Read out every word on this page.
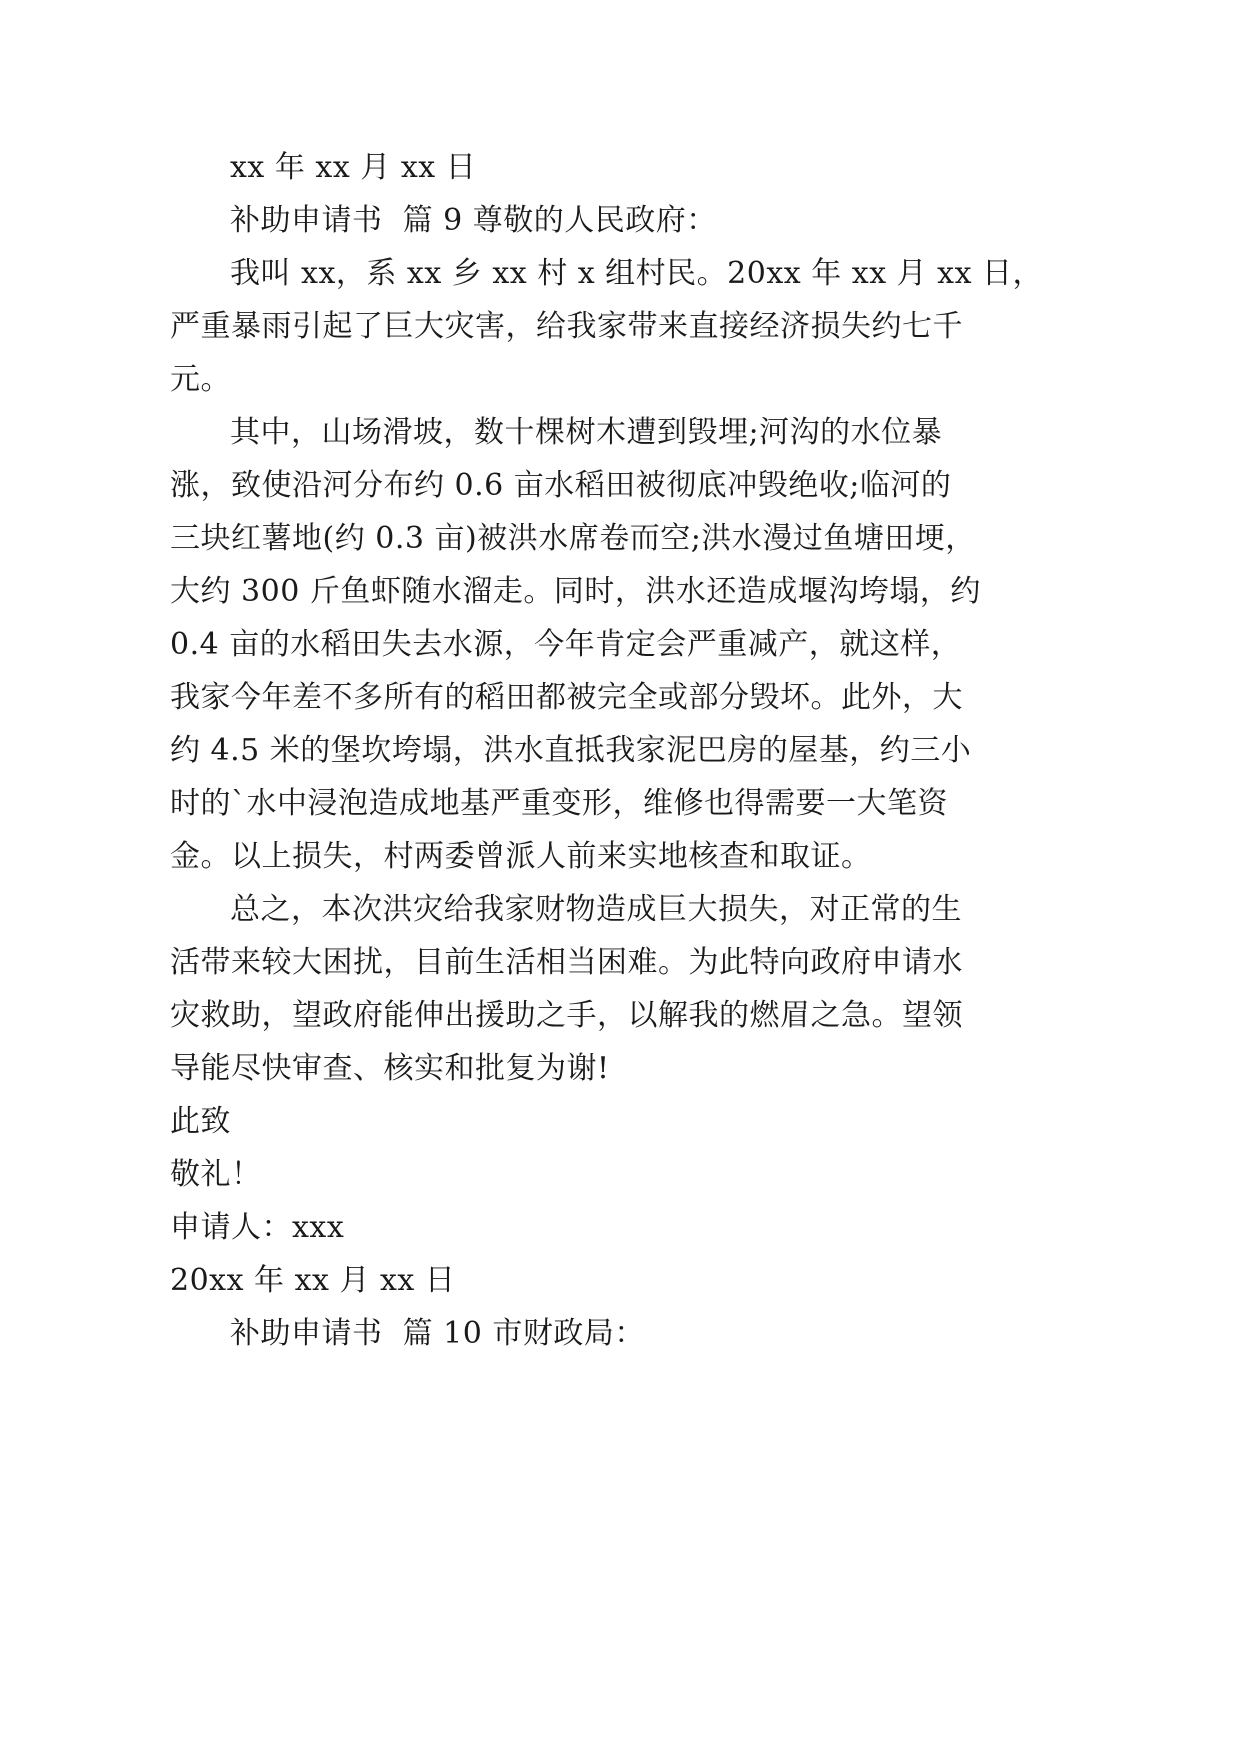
xx 年 xx 月 xx 日
补助申请书  篇 9 尊敬的人民政府：
我叫 xx，系 xx 乡 xx 村 x 组村民。20xx 年 xx 月 xx 日，
严重暴雨引起了巨大灾害，给我家带来直接经济损失约七千
元。
其中，山场滑坡，数十棵树木遭到毁埋;河沟的水位暴
涨，致使沿河分布约 0.6 亩水稻田被彻底冲毁绝收;临河的
三块红薯地(约 0.3 亩)被洪水席卷而空;洪水漫过鱼塘田埂，
大约 300 斤鱼虾随水溜走。同时，洪水还造成堰沟垮塌，约
0.4 亩的水稻田失去水源，今年肯定会严重减产，就这样，
我家今年差不多所有的稻田都被完全或部分毁坏。此外，大
约 4.5 米的堡坎垮塌，洪水直抵我家泥巴房的屋基，约三小
时的`水中浸泡造成地基严重变形，维修也得需要一大笔资
金。以上损失，村两委曾派人前来实地核查和取证。
总之，本次洪灾给我家财物造成巨大损失，对正常的生
活带来较大困扰，目前生活相当困难。为此特向政府申请水
灾救助，望政府能伸出援助之手，以解我的燃眉之急。望领
导能尽快审查、核实和批复为谢!
此致
敬礼！
申请人：xxx
20xx 年 xx 月 xx 日
补助申请书  篇 10 市财政局：
